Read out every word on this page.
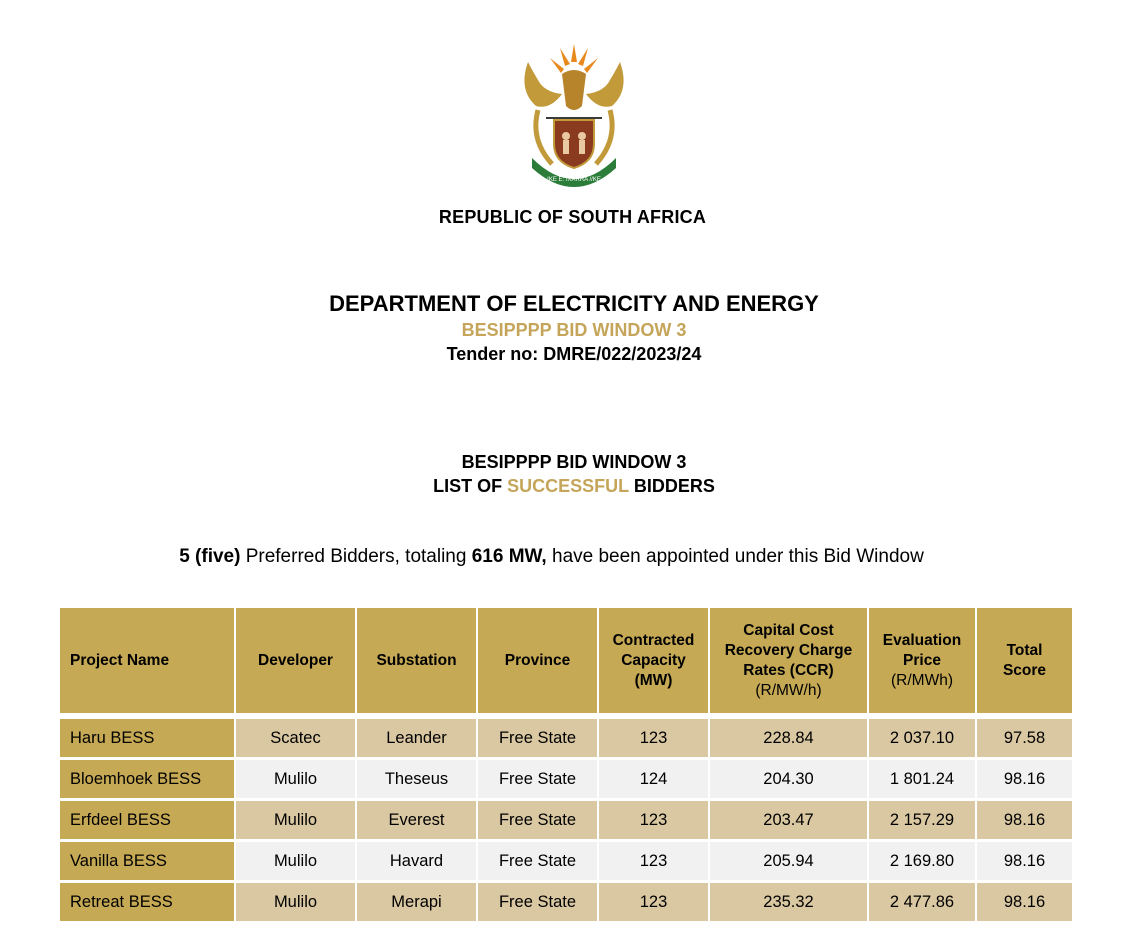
!KE E: /XARRA //KE
REPUBLIC OF SOUTH AFRICA
DEPARTMENT OF ELECTRICITY AND ENERGY
BESIPPPP BID WINDOW 3
Tender no: DMRE/022/2023/24
BESIPPPP BID WINDOW 3
LIST OF SUCCESSFUL BIDDERS
5 (five) Preferred Bidders, totaling 616 MW, have been appointed under this Bid Window
Project Name	Developer	Substation	Province	Contracted Capacity (MW)	Capital Cost Recovery Charge Rates (CCR) (R/MW/h)	Evaluation Price
(R/MWh)	Total Score
Haru BESS	Scatec	Leander	Free State	123	228.84	2 037.10	97.58
Bloemhoek BESS	Mulilo	Theseus	Free State	124	204.30	1 801.24	98.16
Erfdeel BESS	Mulilo	Everest	Free State	123	203.47	2 157.29	98.16
Vanilla BESS	Mulilo	Havard	Free State	123	205.94	2 169.80	98.16
Retreat BESS	Mulilo	Merapi	Free State	123	235.32	2 477.86	98.16
